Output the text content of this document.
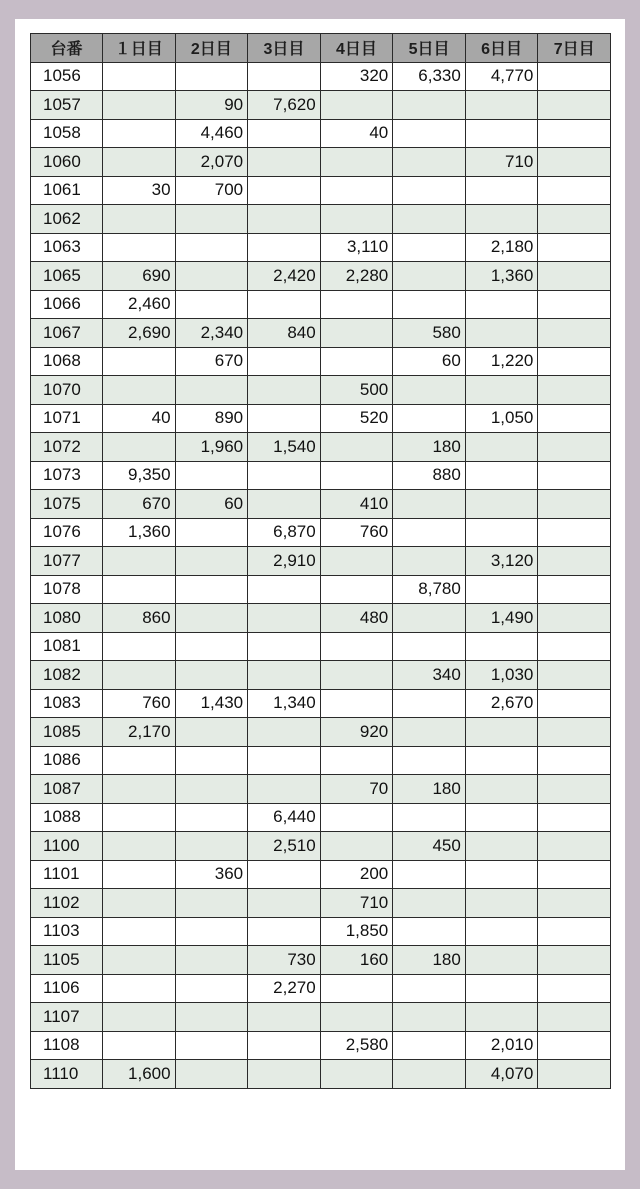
台番	１日目	2日目	3日目	4日目	5日目	6日目	7日目
1056				320	6,330	4,770	
1057		90	7,620				
1058		4,460		40			
1060		2,070				710	
1061	30	700					
1062							
1063				3,110		2,180	
1065	690		2,420	2,280		1,360	
1066	2,460						
1067	2,690	2,340	840		580		
1068		670			60	1,220	
1070				500			
1071	40	890		520		1,050	
1072		1,960	1,540		180		
1073	9,350				880		
1075	670	60		410			
1076	1,360		6,870	760			
1077			2,910			3,120	
1078					8,780		
1080	860			480		1,490	
1081							
1082					340	1,030	
1083	760	1,430	1,340			2,670	
1085	2,170			920			
1086							
1087				70	180		
1088			6,440				
1100			2,510		450		
1101		360		200			
1102				710			
1103				1,850			
1105			730	160	180		
1106			2,270				
1107							
1108				2,580		2,010	
1110	1,600					4,070	
